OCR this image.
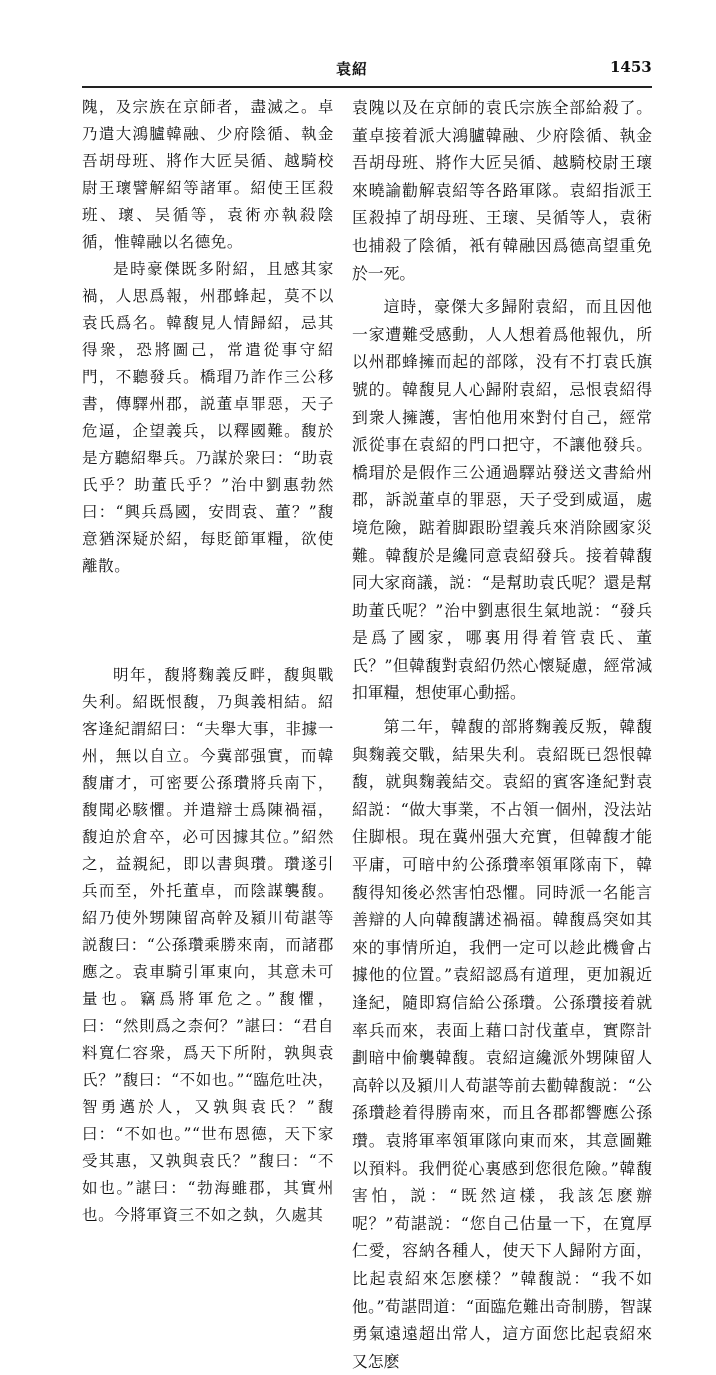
袁紹	1453

隗，及宗族在京師者，盡滅之。卓乃遣大鴻臚韓融、少府陰循、執金吾胡母班、將作大匠吴循、越騎校尉王瓌譬解紹等諸軍。紹使王匡殺班、瓌、吴循等，袁術亦執殺陰循，惟韓融以名德免。

是時豪傑既多附紹，且感其家禍，人思爲報，州郡蜂起，莫不以袁氏爲名。韓馥見人情歸紹，忌其得衆，恐將圖己，常遣從事守紹門，不聽發兵。橋瑁乃詐作三公移書，傳驛州郡，説董卓罪惡，天子危逼，企望義兵，以釋國難。馥於是方聽紹舉兵。乃謀於衆曰：“助袁氏乎？助董氏乎？”治中劉惠勃然曰：“興兵爲國，安問袁、董？”馥意猶深疑於紹，每貶節軍糧，欲使離散。

明年，馥將麴義反畔，馥與戰失利。紹既恨馥，乃與義相結。紹客逢紀謂紹曰：“夫舉大事，非據一州，無以自立。今冀部强實，而韓馥庸才，可密要公孫瓚將兵南下，馥聞必駭懼。并遣辯士爲陳禍福，馥迫於倉卒，必可因據其位。”紹然之，益親紀，即以書與瓚。瓚遂引兵而至，外托董卓，而陰謀襲馥。紹乃使外甥陳留高幹及潁川荀諶等説馥曰：“公孫瓚乘勝來南，而諸郡應之。袁車騎引軍東向，其意未可量也。竊爲將軍危之。”馥懼，曰：“然則爲之柰何？”諶曰：“君自料寬仁容衆，爲天下所附，孰與袁氏？”馥曰：“不如也。”“臨危吐决，智勇邁於人，又孰與袁氏？”馥曰：“不如也。”“世布恩德，天下家受其惠，又孰與袁氏？”馥曰：“不如也。”諶曰：“勃海雖郡，其實州也。今將軍資三不如之埶，久處其

袁隗以及在京師的袁氏宗族全部給殺了。董卓接着派大鴻臚韓融、少府陰循、執金吾胡母班、將作大匠吴循、越騎校尉王瓌來曉諭勸解袁紹等各路軍隊。袁紹指派王匡殺掉了胡母班、王瓌、吴循等人，袁術也捕殺了陰循，衹有韓融因爲德高望重免於一死。

這時，豪傑大多歸附袁紹，而且因他一家遭難受感動，人人想着爲他報仇，所以州郡蜂擁而起的部隊，没有不打袁氏旗號的。韓馥見人心歸附袁紹，忌恨袁紹得到衆人擁護，害怕他用來對付自己，經常派從事在袁紹的門口把守，不讓他發兵。橋瑁於是假作三公通過驛站發送文書給州郡，訴説董卓的罪惡，天子受到威逼，處境危險，踮着脚跟盼望義兵來消除國家災難。韓馥於是纔同意袁紹發兵。接着韓馥同大家商議，説：“是幫助袁氏呢？還是幫助董氏呢？”治中劉惠很生氣地説：“發兵是爲了國家，哪裏用得着管袁氏、董氏？”但韓馥對袁紹仍然心懷疑慮，經常減扣軍糧，想使軍心動摇。

第二年，韓馥的部將麴義反叛，韓馥與麴義交戰，結果失利。袁紹既已怨恨韓馥，就與麴義結交。袁紹的賓客逢紀對袁紹説：“做大事業，不占領一個州，没法站住脚根。現在冀州强大充實，但韓馥才能平庸，可暗中約公孫瓚率領軍隊南下，韓馥得知後必然害怕恐懼。同時派一名能言善辯的人向韓馥講述禍福。韓馥爲突如其來的事情所迫，我們一定可以趁此機會占據他的位置。”袁紹認爲有道理，更加親近逢紀，隨即寫信給公孫瓚。公孫瓚接着就率兵而來，表面上藉口討伐董卓，實際計劃暗中偷襲韓馥。袁紹這纔派外甥陳留人高幹以及潁川人荀諶等前去勸韓馥説：“公孫瓚趁着得勝南來，而且各郡都響應公孫瓚。袁將軍率領軍隊向東而來，其意圖難以預料。我們從心裏感到您很危險。”韓馥害怕，説：“既然這樣，我該怎麽辦呢？”荀諶説：“您自己估量一下，在寬厚仁愛，容納各種人，使天下人歸附方面，比起袁紹來怎麽樣？”韓馥説：“我不如他。”荀諶問道：“面臨危難出奇制勝，智謀勇氣遠遠超出常人，這方面您比起袁紹來又怎麽
